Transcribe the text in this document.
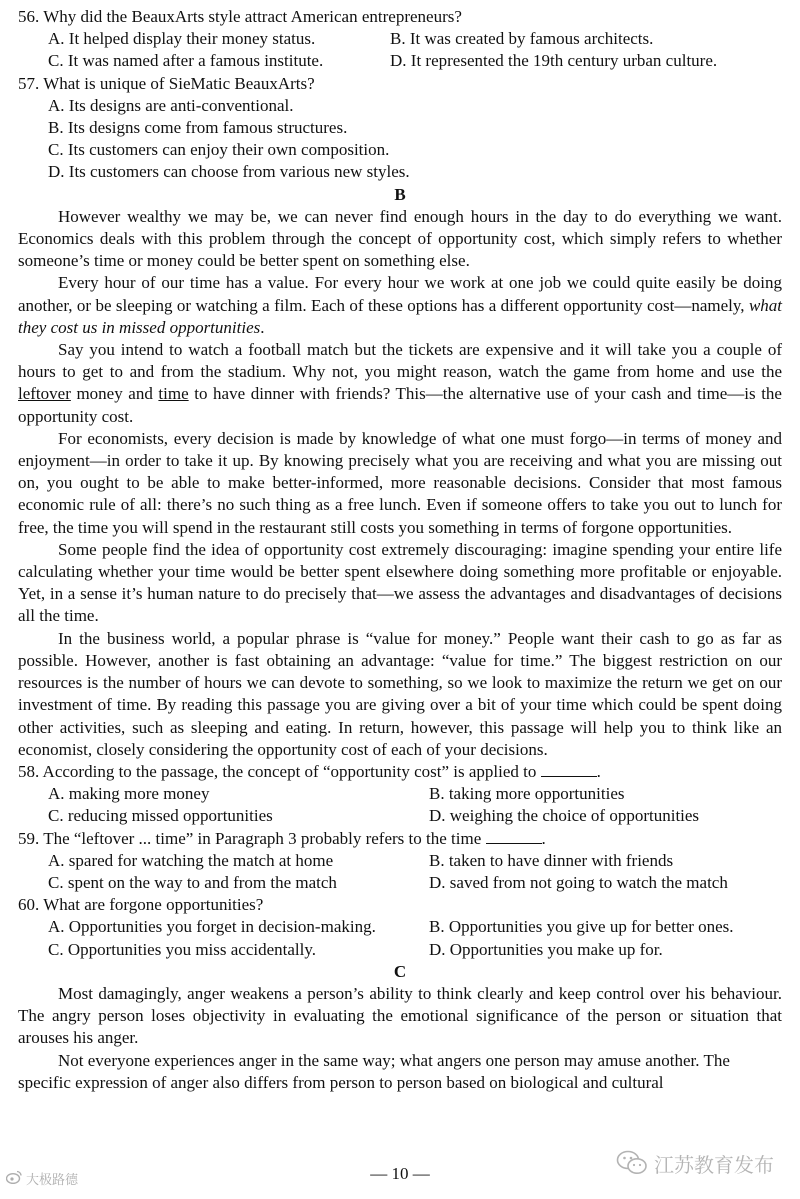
56. Why did the BeauxArts style attract American entrepreneurs?

A. It helped display their money status.	B. It was created by famous architects.
C. It was named after a famous institute.	D. It represented the 19th century urban culture.

57. What is unique of SieMatic BeauxArts?

A. Its designs are anti-conventional.
B. Its designs come from famous structures.
C. Its customers can enjoy their own composition.
D. Its customers can choose from various new styles.

B

However wealthy we may be, we can never find enough hours in the day to do everything we want. Economics deals with this problem through the concept of opportunity cost, which simply refers to whether someone’s time or money could be better spent on something else.

Every hour of our time has a value. For every hour we work at one job we could quite easily be doing another, or be sleeping or watching a film. Each of these options has a different opportunity cost—namely, what they cost us in missed opportunities.

Say you intend to watch a football match but the tickets are expensive and it will take you a couple of hours to get to and from the stadium. Why not, you might reason, watch the game from home and use the leftover money and time to have dinner with friends? This—the alternative use of your cash and time—is the opportunity cost.

For economists, every decision is made by knowledge of what one must forgo—in terms of money and enjoyment—in order to take it up. By knowing precisely what you are receiving and what you are missing out on, you ought to be able to make better-informed, more reasonable decisions. Consider that most famous economic rule of all: there’s no such thing as a free lunch. Even if someone offers to take you out to lunch for free, the time you will spend in the restaurant still costs you something in terms of forgone opportunities.

Some people find the idea of opportunity cost extremely discouraging: imagine spending your entire life calculating whether your time would be better spent elsewhere doing something more profitable or enjoyable. Yet, in a sense it’s human nature to do precisely that—we assess the advantages and disadvantages of decisions all the time.

In the business world, a popular phrase is “value for money.” People want their cash to go as far as possible. However, another is fast obtaining an advantage: “value for time.” The biggest restriction on our resources is the number of hours we can devote to something, so we look to maximize the return we get on our investment of time. By reading this passage you are giving over a bit of your time which could be spent doing other activities, such as sleeping and eating. In return, however, this passage will help you to think like an economist, closely considering the opportunity cost of each of your decisions.

58. According to the passage, the concept of “opportunity cost” is applied to	.

A. making more money	B. taking more opportunities
C. reducing missed opportunities	D. weighing the choice of opportunities

59. The “leftover ... time” in Paragraph 3 probably refers to the time	.

A. spared for watching the match at home	B. taken to have dinner with friends
C. spent on the way to and from the match	D. saved from not going to watch the match

60. What are forgone opportunities?

A. Opportunities you forget in decision-making.	B. Opportunities you give up for better ones.
C. Opportunities you miss accidentally.	D. Opportunities you make up for.

C

Most damagingly, anger weakens a person’s ability to think clearly and keep control over his behaviour. The angry person loses objectivity in evaluating the emotional significance of the person or situation that arouses his anger.

Not everyone experiences anger in the same way; what angers one person may amuse another. The specific expression of anger also differs from person to person based on biological and cultural

— 10 —
大极路德
江苏教育发布
